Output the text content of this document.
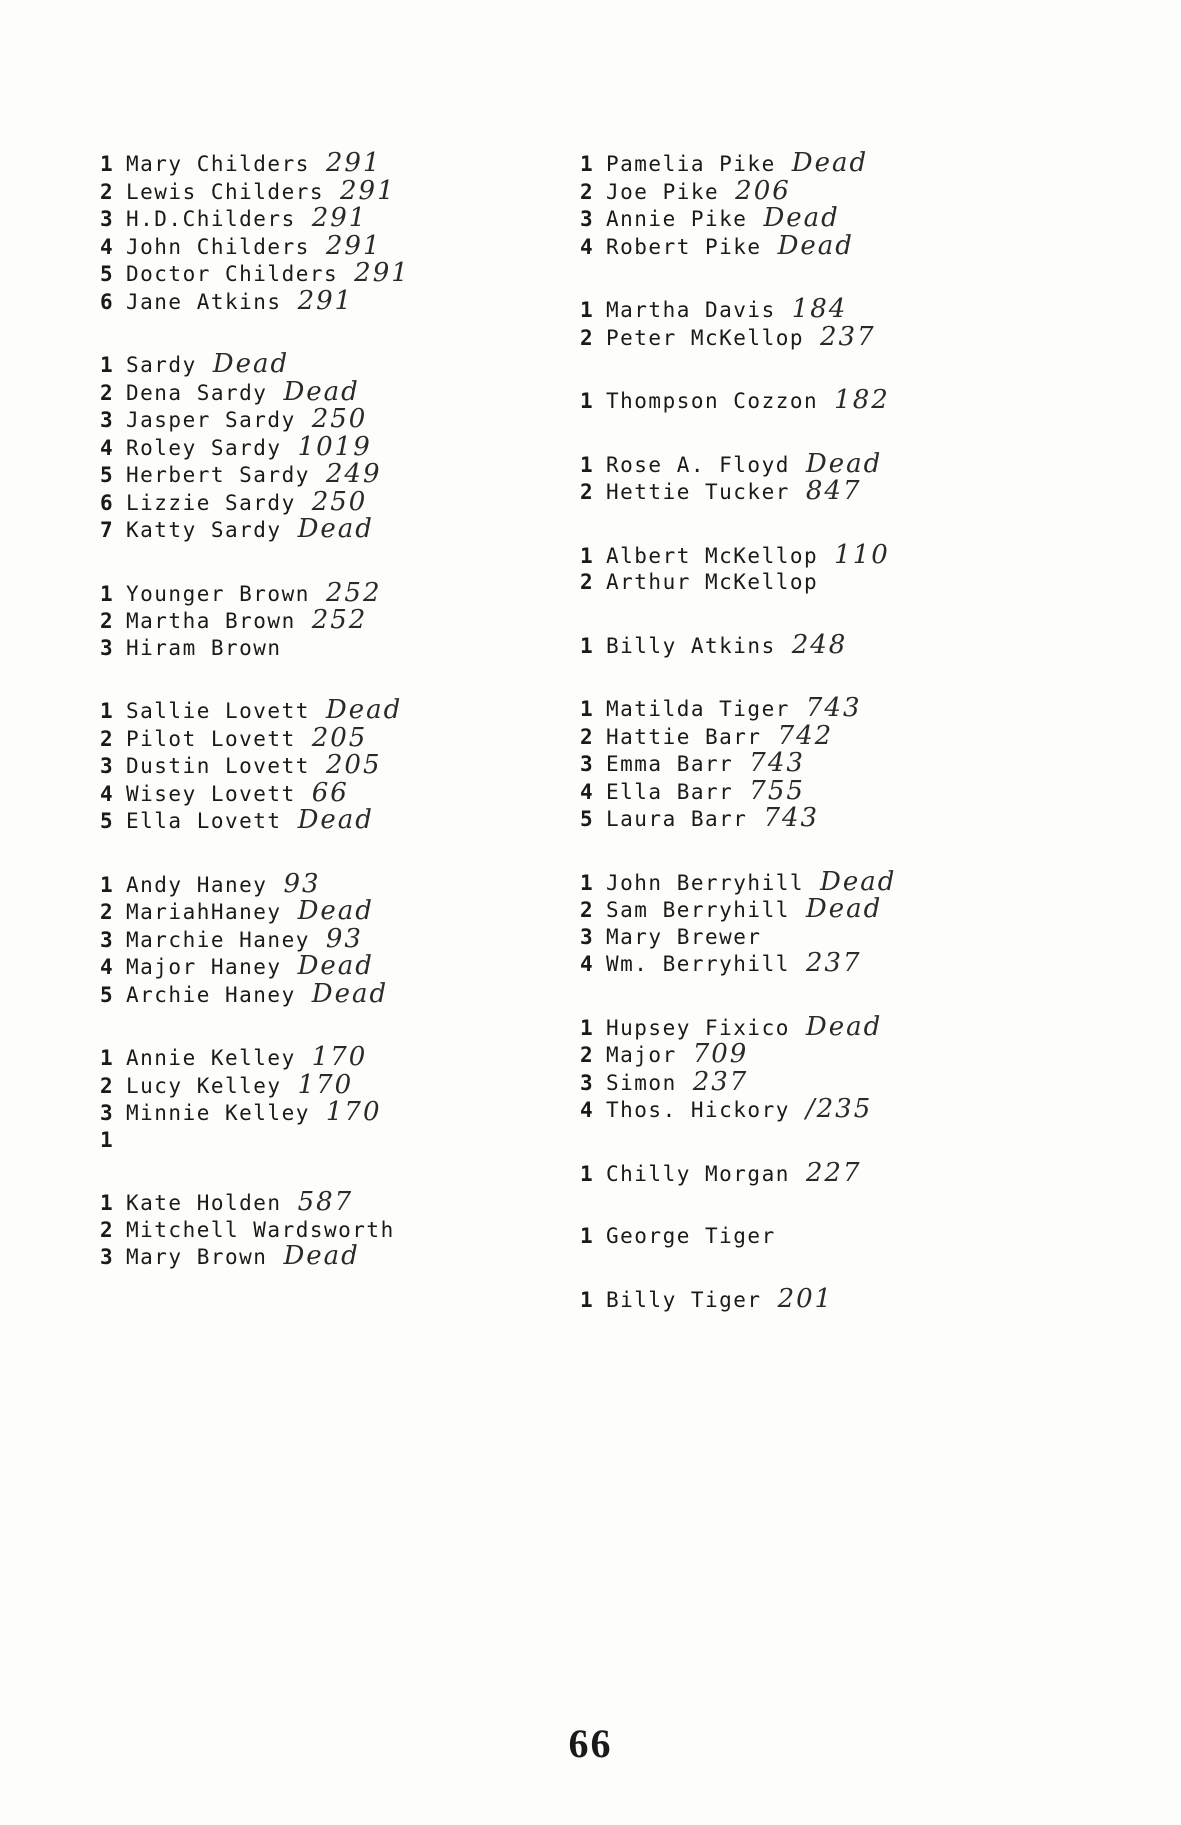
1 Mary Childers 291
2 Lewis Childers 291
3 H.D.Childers 291
4 John Childers 291
5 Doctor Childers 291
6 Jane Atkins 291
1 Sardy Dead
2 Dena Sardy Dead
3 Jasper Sardy 250
4 Roley Sardy 1019
5 Herbert Sardy 249
6 Lizzie Sardy 250
7 Katty Sardy Dead
1 Younger Brown 252
2 Martha Brown 252
3 Hiram Brown
1 Sallie Lovett Dead
2 Pilot Lovett 205
3 Dustin Lovett 205
4 Wisey Lovett 66
5 Ella Lovett Dead
1 Andy Haney 93
2 MariahHaney Dead
3 Marchie Haney 93
4 Major Haney Dead
5 Archie Haney Dead
1 Annie Kelley 170
2 Lucy Kelley 170
3 Minnie Kelley 170
1
1 Kate Holden 587
2 Mitchell Wardsworth
3 Mary Brown Dead
1 Pamelia Pike Dead
2 Joe Pike 206
3 Annie Pike Dead
4 Robert Pike Dead
1 Martha Davis 184
2 Peter McKellop 237
1 Thompson Cozzon 182
1 Rose A. Floyd Dead
2 Hettie Tucker 847
1 Albert McKellop 110
2 Arthur McKellop
1 Billy Atkins 248
1 Matilda Tiger 743
2 Hattie Barr 742
3 Emma Barr 743
4 Ella Barr 755
5 Laura Barr 743
1 John Berryhill Dead
2 Sam Berryhill Dead
3 Mary Brewer
4 Wm. Berryhill 237
1 Hupsey Fixico Dead
2 Major 709
3 Simon 237
4 Thos. Hickory /235
1 Chilly Morgan 227
1 George Tiger
1 Billy Tiger 201
66
